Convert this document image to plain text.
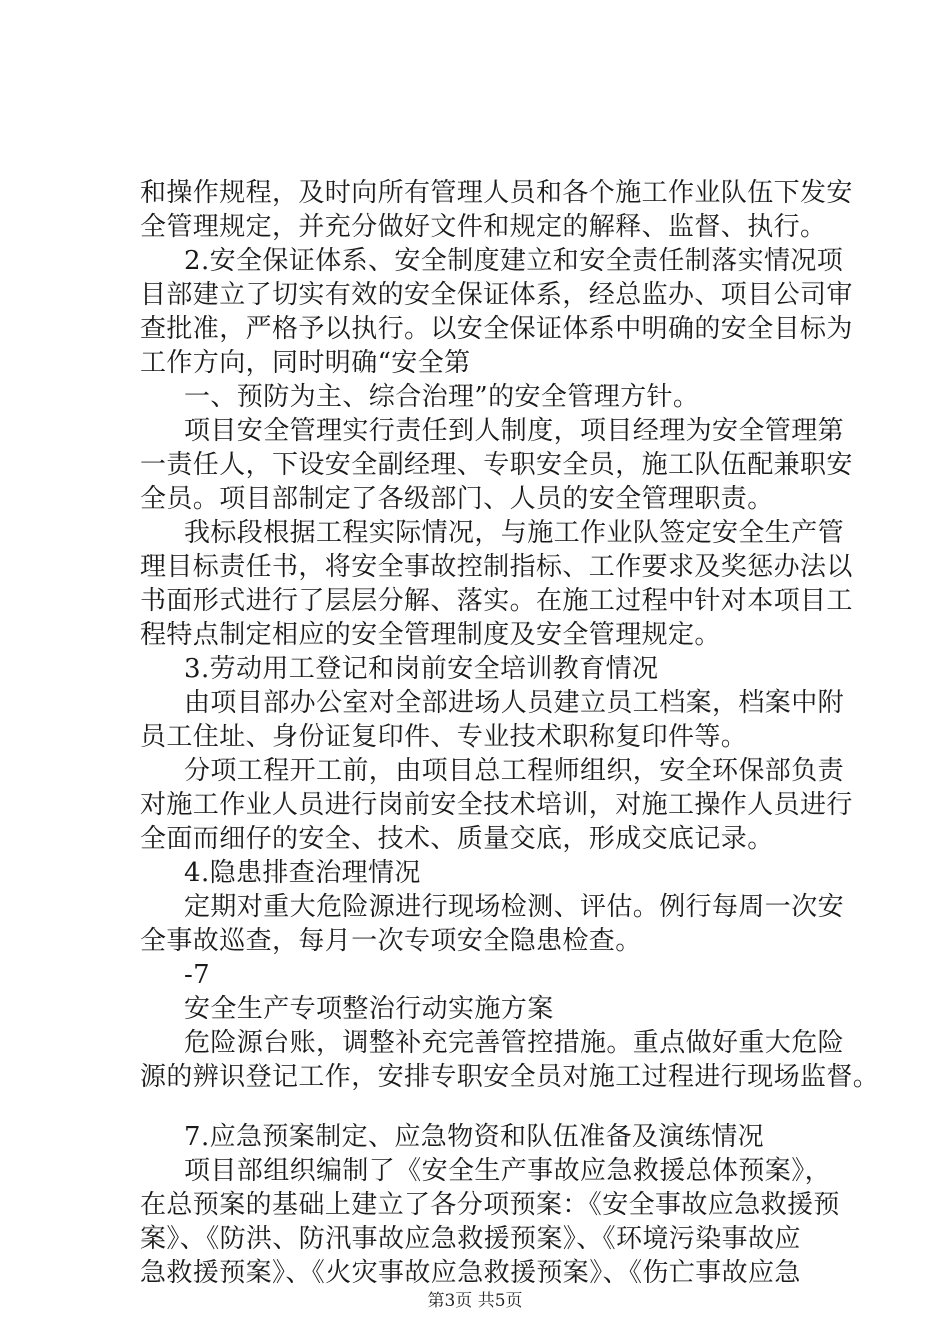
和操作规程，及时向所有管理人员和各个施工作业队伍下发安
全管理规定，并充分做好文件和规定的解释、监督、执行。
2.安全保证体系、安全制度建立和安全责任制落实情况项
目部建立了切实有效的安全保证体系，经总监办、项目公司审
查批准，严格予以执行。以安全保证体系中明确的安全目标为
工作方向，同时明确“安全第
一、预防为主、综合治理”的安全管理方针。
项目安全管理实行责任到人制度，项目经理为安全管理第
一责任人，下设安全副经理、专职安全员，施工队伍配兼职安
全员。项目部制定了各级部门、人员的安全管理职责。
我标段根据工程实际情况，与施工作业队签定安全生产管
理目标责任书，将安全事故控制指标、工作要求及奖惩办法以
书面形式进行了层层分解、落实。在施工过程中针对本项目工
程特点制定相应的安全管理制度及安全管理规定。
3.劳动用工登记和岗前安全培训教育情况
由项目部办公室对全部进场人员建立员工档案，档案中附
员工住址、身份证复印件、专业技术职称复印件等。
分项工程开工前，由项目总工程师组织，安全环保部负责
对施工作业人员进行岗前安全技术培训，对施工操作人员进行
全面而细仔的安全、技术、质量交底，形成交底记录。
4.隐患排查治理情况
定期对重大危险源进行现场检测、评估。例行每周一次安
全事故巡查，每月一次专项安全隐患检查。
-7
安全生产专项整治行动实施方案
危险源台账，调整补充完善管控措施。重点做好重大危险
源的辨识登记工作，安排专职安全员对施工过程进行现场监督。
7.应急预案制定、应急物资和队伍准备及演练情况
项目部组织编制了《安全生产事故应急救援总体预案》，
在总预案的基础上建立了各分项预案：《安全事故应急救援预
案》、《防洪、防汛事故应急救援预案》、《环境污染事故应
急救援预案》、《火灾事故应急救援预案》、《伤亡事故应急
第3页 共5页
